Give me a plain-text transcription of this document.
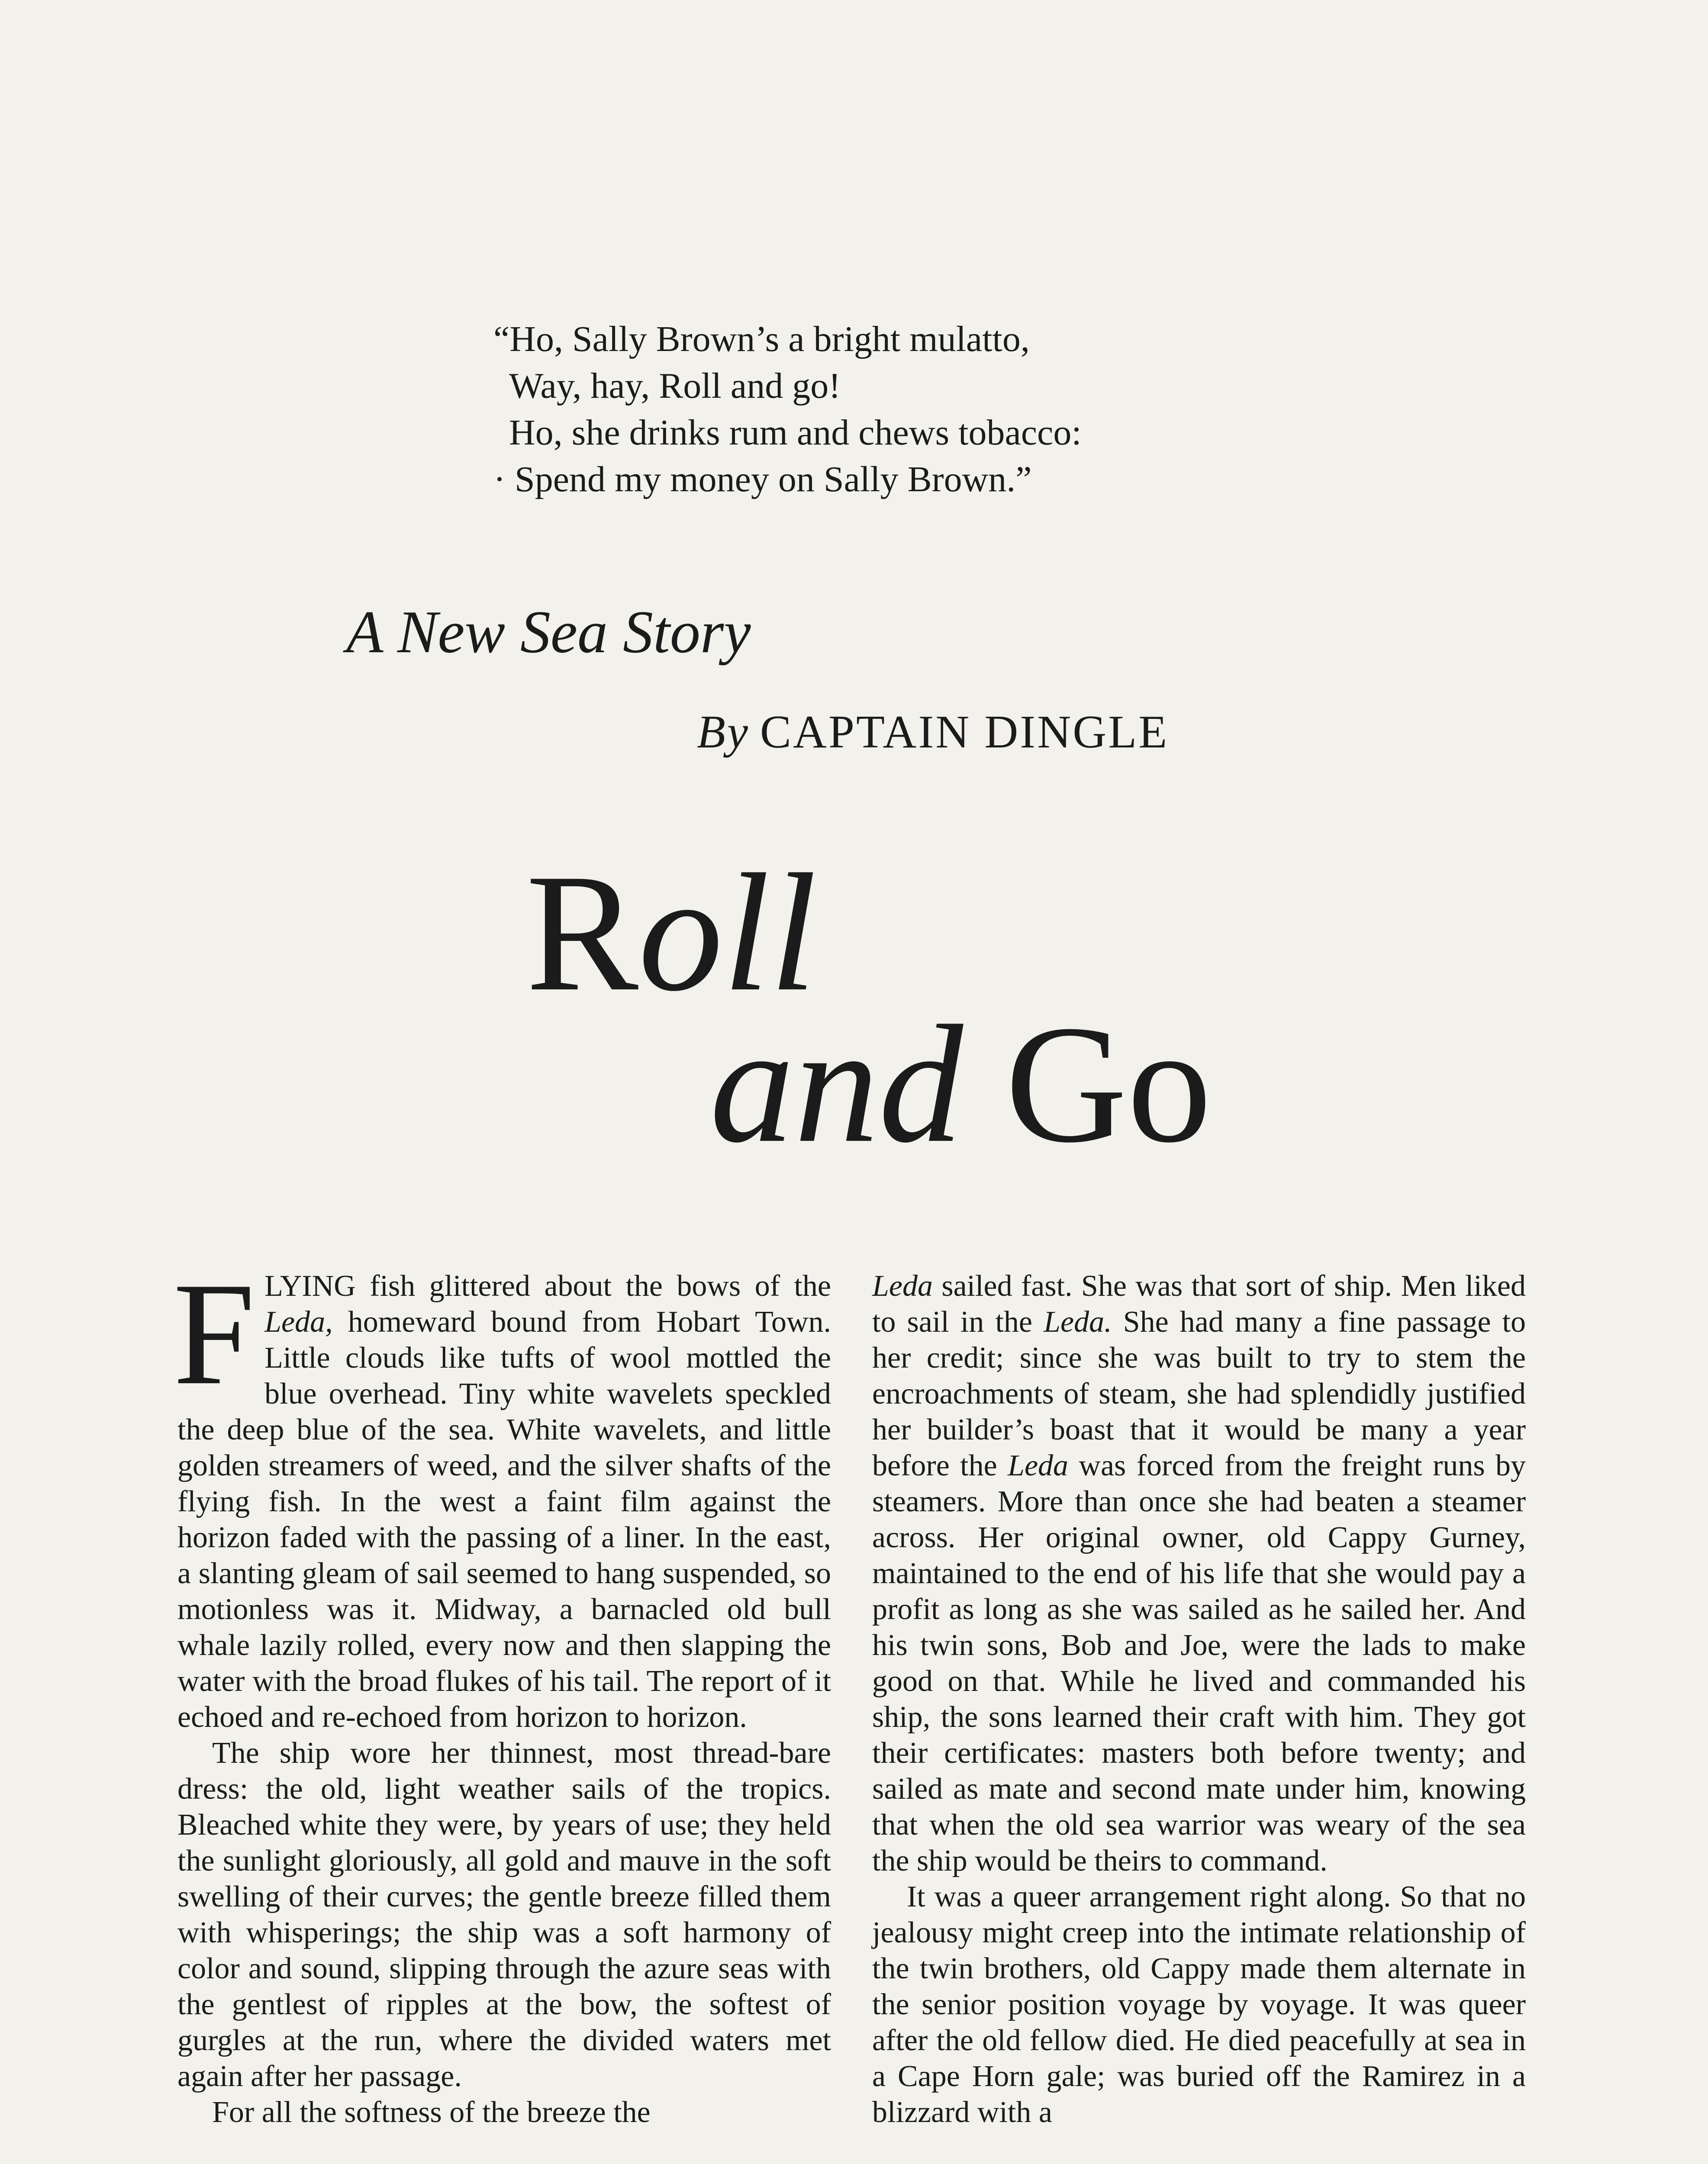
“Ho, Sally Brown’s a bright mulatto,
Way, hay, Roll and go!
Ho, she drinks rum and chews tobacco:
· Spend my money on Sally Brown.”
A New Sea Story
By CAPTAIN DINGLE
Roll
and Go

FLYING fish glittered about the bows of the Leda, homeward bound from Hobart Town. Little clouds like tufts of wool mottled the blue overhead. Tiny white wavelets speckled the deep blue of the sea. White wavelets, and little golden streamers of weed, and the silver shafts of the flying fish. In the west a faint film against the horizon faded with the passing of a liner. In the east, a slanting gleam of sail seemed to hang suspended, so motionless was it. Midway, a barnacled old bull whale lazily rolled, every now and then slapping the water with the broad flukes of his tail. The report of it echoed and re-echoed from horizon to horizon.

The ship wore her thinnest, most thread-bare dress: the old, light weather sails of the tropics. Bleached white they were, by years of use; they held the sunlight gloriously, all gold and mauve in the soft swelling of their curves; the gentle breeze filled them with whisperings; the ship was a soft harmony of color and sound, slipping through the azure seas with the gentlest of ripples at the bow, the softest of gurgles at the run, where the divided waters met again after her passage.

For all the softness of the breeze the

Leda sailed fast. She was that sort of ship. Men liked to sail in the Leda. She had many a fine passage to her credit; since she was built to try to stem the encroachments of steam, she had splendidly justified her builder’s boast that it would be many a year before the Leda was forced from the freight runs by steamers. More than once she had beaten a steamer across. Her original owner, old Cappy Gurney, maintained to the end of his life that she would pay a profit as long as she was sailed as he sailed her. And his twin sons, Bob and Joe, were the lads to make good on that. While he lived and commanded his ship, the sons learned their craft with him. They got their certificates: masters both before twenty; and sailed as mate and second mate under him, knowing that when the old sea warrior was weary of the sea the ship would be theirs to command.

It was a queer arrangement right along. So that no jealousy might creep into the intimate relationship of the twin brothers, old Cappy made them alternate in the senior position voyage by voyage. It was queer after the old fellow died. He died peacefully at sea in a Cape Horn gale; was buried off the Ramirez in a blizzard with a
